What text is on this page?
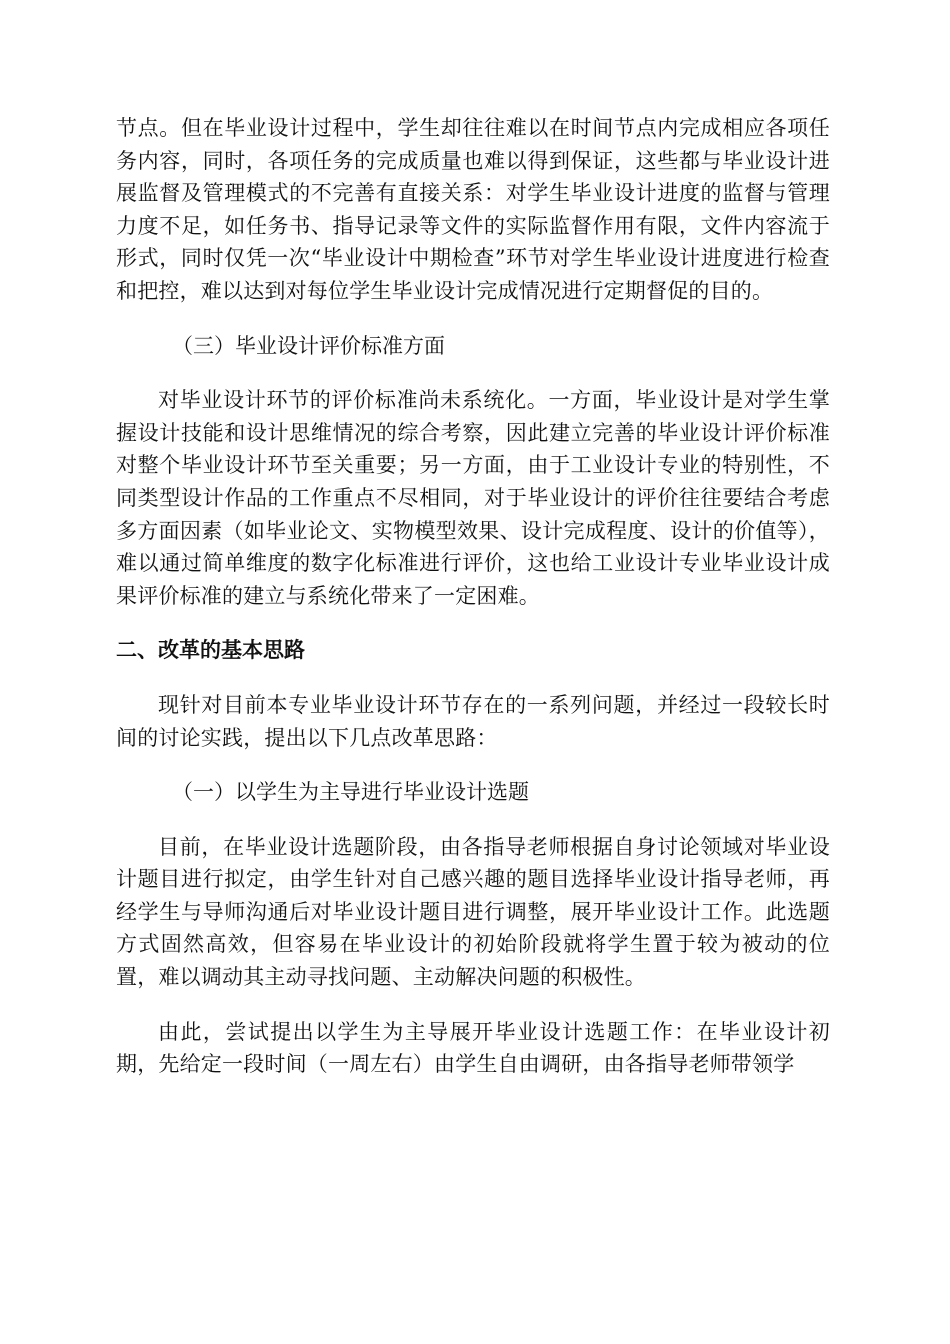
节点。但在毕业设计过程中，学生却往往难以在时间节点内完成相应各项任务内容，同时，各项任务的完成质量也难以得到保证，这些都与毕业设计进展监督及管理模式的不完善有直接关系：对学生毕业设计进度的监督与管理力度不足，如任务书、指导记录等文件的实际监督作用有限，文件内容流于形式，同时仅凭一次“毕业设计中期检查”环节对学生毕业设计进度进行检查和把控，难以达到对每位学生毕业设计完成情况进行定期督促的目的。

（三）毕业设计评价标准方面

对毕业设计环节的评价标准尚未系统化。一方面，毕业设计是对学生掌握设计技能和设计思维情况的综合考察，因此建立完善的毕业设计评价标准对整个毕业设计环节至关重要；另一方面，由于工业设计专业的特别性，不同类型设计作品的工作重点不尽相同，对于毕业设计的评价往往要结合考虑多方面因素（如毕业论文、实物模型效果、设计完成程度、设计的价值等），难以通过简单维度的数字化标准进行评价，这也给工业设计专业毕业设计成果评价标准的建立与系统化带来了一定困难。

二、改革的基本思路

现针对目前本专业毕业设计环节存在的一系列问题，并经过一段较长时间的讨论实践，提出以下几点改革思路：

（一）以学生为主导进行毕业设计选题

目前，在毕业设计选题阶段，由各指导老师根据自身讨论领域对毕业设计题目进行拟定，由学生针对自己感兴趣的题目选择毕业设计指导老师，再经学生与导师沟通后对毕业设计题目进行调整，展开毕业设计工作。此选题方式固然高效，但容易在毕业设计的初始阶段就将学生置于较为被动的位置，难以调动其主动寻找问题、主动解决问题的积极性。

由此，尝试提出以学生为主导展开毕业设计选题工作：在毕业设计初期，先给定一段时间（一周左右）由学生自由调研，由各指导老师带领学
